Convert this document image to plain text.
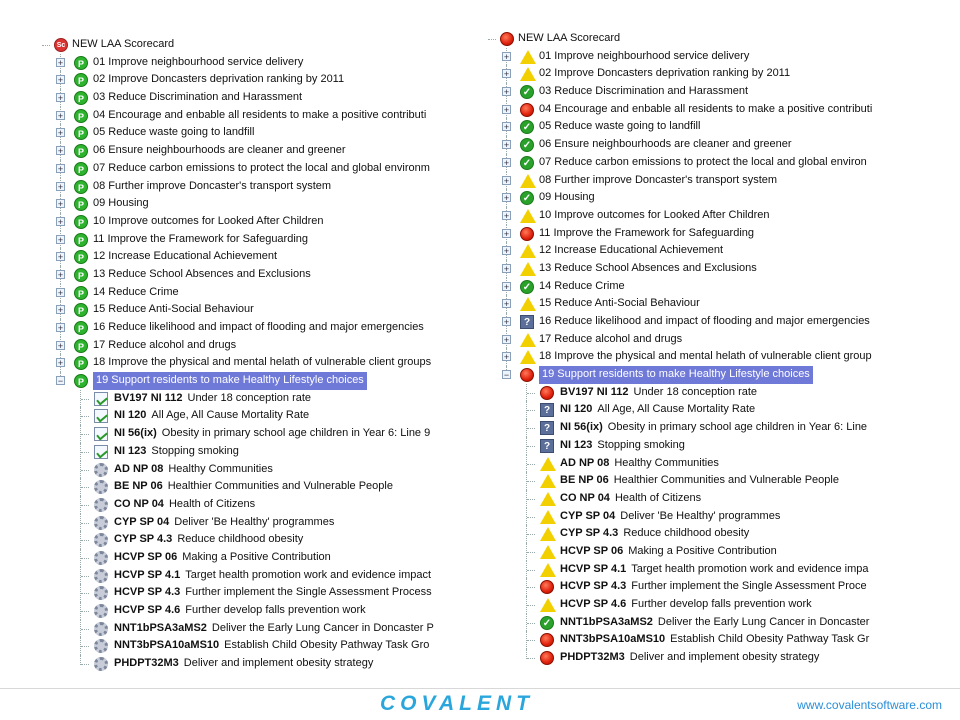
Sc NEW LAA Scorecard
+	P 01 Improve neighbourhood service delivery
+	P 02 Improve Doncasters deprivation ranking by 2011
+	P 03 Reduce Discrimination and Harassment
+	P 04 Encourage and enbable all residents to make a positive contributi
+	P 05 Reduce waste going to landfill
+	P 06 Ensure neighbourhoods are cleaner and greener
+	P 07 Reduce carbon emissions to protect the local and global environm
+	P 08 Further improve Doncaster's transport system
+	P 09 Housing
+	P 10 Improve outcomes for Looked After Children
+	P 11 Improve the Framework for Safeguarding
+	P 12 Increase Educational Achievement
+	P 13 Reduce School Absences and Exclusions
+	P 14 Reduce Crime
+	P 15 Reduce Anti-Social Behaviour
+	P 16 Reduce likelihood and impact of flooding and major emergencies
+	P 17 Reduce alcohol and drugs
+	P 18 Improve the physical and mental helath of vulnerable client groups
−	P	19 Support residents to make Healthy Lifestyle choices
BV197 NI 112 Under 18 conception rate
NI 120 All Age, All Cause Mortality Rate
NI 56(ix) Obesity in primary school age children in Year 6: Line 9
NI 123 Stopping smoking
AD NP 08 Healthy Communities
BE NP 06 Healthier Communities and Vulnerable People
CO NP 04 Health of Citizens
CYP SP 04 Deliver 'Be Healthy' programmes
CYP SP 4.3 Reduce childhood obesity
HCVP SP 06 Making a Positive Contribution
HCVP SP 4.1 Target health promotion work and evidence impact
HCVP SP 4.3 Further implement the Single Assessment Process
HCVP SP 4.6 Further develop falls prevention work
NNT1bPSA3aMS2 Deliver the Early Lung Cancer in Doncaster P
NNT3bPSA10aMS10 Establish Child Obesity Pathway Task Gro
PHDPT32M3 Deliver and implement obesity strategy
NEW LAA Scorecard
+	01 Improve neighbourhood service delivery
+	02 Improve Doncasters deprivation ranking by 2011
+ ✓ 03 Reduce Discrimination and Harassment
+	04 Encourage and enbable all residents to make a positive contributi
+ ✓ 05 Reduce waste going to landfill
+ ✓ 06 Ensure neighbourhoods are cleaner and greener
+ ✓ 07 Reduce carbon emissions to protect the local and global environ
+	08 Further improve Doncaster's transport system
+ ✓ 09 Housing
+	10 Improve outcomes for Looked After Children
+	11 Improve the Framework for Safeguarding
+	12 Increase Educational Achievement
+	13 Reduce School Absences and Exclusions
+ ✓ 14 Reduce Crime
+	15 Reduce Anti-Social Behaviour
+	? 16 Reduce likelihood and impact of flooding and major emergencies
+	17 Reduce alcohol and drugs
+	18 Improve the physical and mental helath of vulnerable client group
−	19 Support residents to make Healthy Lifestyle choices
BV197 NI 112 Under 18 conception rate
? NI 120 All Age, All Cause Mortality Rate
? NI 56(ix) Obesity in primary school age children in Year 6: Line
? NI 123 Stopping smoking
AD NP 08 Healthy Communities
BE NP 06 Healthier Communities and Vulnerable People
CO NP 04 Health of Citizens
CYP SP 04 Deliver 'Be Healthy' programmes
CYP SP 4.3 Reduce childhood obesity
HCVP SP 06 Making a Positive Contribution
HCVP SP 4.1 Target health promotion work and evidence impa
HCVP SP 4.3 Further implement the Single Assessment Proce
HCVP SP 4.6 Further develop falls prevention work
✓ NNT1bPSA3aMS2 Deliver the Early Lung Cancer in Doncaster
NNT3bPSA10aMS10 Establish Child Obesity Pathway Task Gr
PHDPT32M3 Deliver and implement obesity strategy
COVALENT	www.covalentsoftware.com
